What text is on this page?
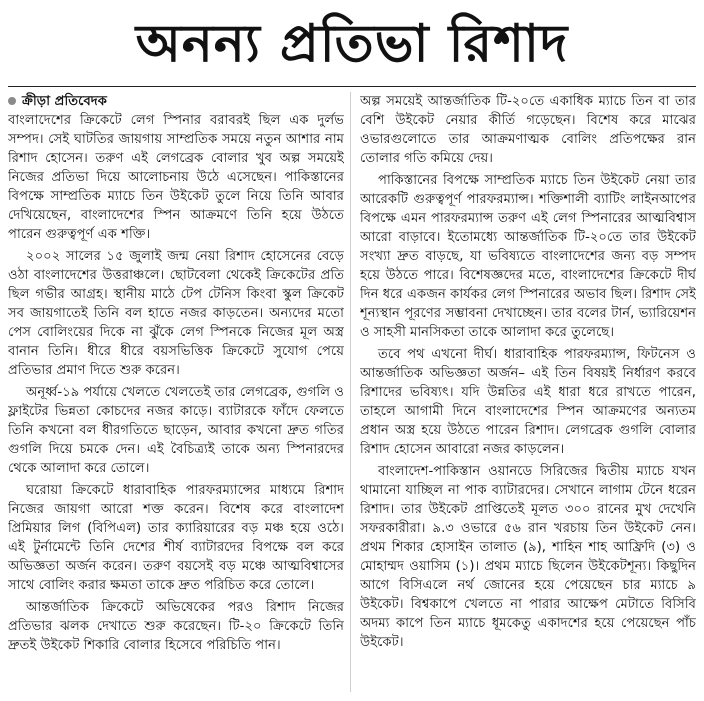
অনন্য প্রতিভা রিশাদ
ক্রীড়া প্রতিবেদক

বাংলাদেশের ক্রিকেটে লেগ স্পিনার বরাবরই ছিল এক দুর্লভ সম্পদ। সেই ঘাটতির জায়গায় সাম্প্রতিক সময়ে নতুন আশার নাম রিশাদ হোসেন। তরুণ এই লেগব্রেক বোলার খুব অল্প সময়েই নিজের প্রতিভা দিয়ে আলোচনায় উঠে এসেছেন। পাকিস্তানের বিপক্ষে সাম্প্রতিক ম্যাচে তিন উইকেট তুলে নিয়ে তিনি আবার দেখিয়েছেন, বাংলাদেশের স্পিন আক্রমণে তিনি হয়ে উঠতে পারেন গুরুত্বপূর্ণ এক শক্তি।

২০০২ সালের ১৫ জুলাই জন্ম নেয়া রিশাদ হোসেনের বেড়ে ওঠা বাংলাদেশের উত্তরাঞ্চলে। ছোটবেলা থেকেই ক্রিকেটের প্রতি ছিল গভীর আগ্রহ। স্থানীয় মাঠে টেপ টেনিস কিংবা স্কুল ক্রিকেট সব জায়গাতেই তিনি বল হাতে নজর কাড়তেন। অন্যদের মতো পেস বোলিংয়ের দিকে না ঝুঁকে লেগ স্পিনকে নিজের মূল অস্ত্র বানান তিনি। ধীরে ধীরে বয়সভিত্তিক ক্রিকেটে সুযোগ পেয়ে প্রতিভার প্রমাণ দিতে শুরু করেন।

অনূর্ধ্ব-১৯ পর্যায়ে খেলতে খেলতেই তার লেগব্রেক, গুগলি ও ফ্লাইটের ভিন্নতা কোচদের নজর কাড়ে। ব্যাটারকে ফাঁদে ফেলতে তিনি কখনো বল ধীরগতিতে ছাড়েন, আবার কখনো দ্রুত গতির গুগলি দিয়ে চমকে দেন। এই বৈচিত্র্যই তাকে অন্য স্পিনারদের থেকে আলাদা করে তোলে।

ঘরোয়া ক্রিকেটে ধারাবাহিক পারফরম্যান্সের মাধ্যমে রিশাদ নিজের জায়গা আরো শক্ত করেন। বিশেষ করে বাংলাদেশ প্রিমিয়ার লিগ (বিপিএল) তার ক্যারিয়ারের বড় মঞ্চ হয়ে ওঠে। এই টুর্নামেন্টে তিনি দেশের শীর্ষ ব্যাটারদের বিপক্ষে বল করে অভিজ্ঞতা অর্জন করেন। তরুণ বয়সেই বড় মঞ্চে আত্মবিশ্বাসের সাথে বোলিং করার ক্ষমতা তাকে দ্রুত পরিচিত করে তোলে।

আন্তর্জাতিক ক্রিকেটে অভিষেকের পরও রিশাদ নিজের প্রতিভার ঝলক দেখাতে শুরু করেছেন। টি-২০ ক্রিকেটে তিনি দ্রুতই উইকেট শিকারি বোলার হিসেবে পরিচিতি পান।

অল্প সময়েই আন্তর্জাতিক টি-২০তে একাধিক ম্যাচে তিন বা তার বেশি উইকেট নেয়ার কীর্তি গড়েছেন। বিশেষ করে মাঝের ওভারগুলোতে তার আক্রমণাত্মক বোলিং প্রতিপক্ষের রান তোলার গতি কমিয়ে দেয়।

পাকিস্তানের বিপক্ষে সাম্প্রতিক ম্যাচে তিন উইকেট নেয়া তার আরেকটি গুরুত্বপূর্ণ পারফরম্যান্স। শক্তিশালী ব্যাটিং লাইনআপের বিপক্ষে এমন পারফরম্যান্স তরুণ এই লেগ স্পিনারের আত্মবিশ্বাস আরো বাড়াবে। ইতোমধ্যে আন্তর্জাতিক টি-২০তে তার উইকেট সংখ্যা দ্রুত বাড়ছে, যা ভবিষ্যতে বাংলাদেশের জন্য বড় সম্পদ হয়ে উঠতে পারে। বিশেষজ্ঞদের মতে, বাংলাদেশের ক্রিকেটে দীর্ঘ দিন ধরে একজন কার্যকর লেগ স্পিনারের অভাব ছিল। রিশাদ সেই শূন্যস্থান পূরণের সম্ভাবনা দেখাচ্ছেন। তার বলের টার্ন, ভ্যারিয়েশন ও সাহসী মানসিকতা তাকে আলাদা করে তুলেছে।

তবে পথ এখনো দীর্ঘ। ধারাবাহিক পারফরম্যান্স, ফিটনেস ও আন্তর্জাতিক অভিজ্ঞতা অর্জন– এই তিন বিষয়ই নির্ধারণ করবে রিশাদের ভবিষ্যৎ। যদি উন্নতির এই ধারা ধরে রাখতে পারেন, তাহলে আগামী দিনে বাংলাদেশের স্পিন আক্রমণের অন্যতম প্রধান অস্ত্র হয়ে উঠতে পারেন রিশাদ। লেগব্রেক গুগলি বোলার রিশাদ হোসেন আবারো নজর কাড়লেন।

বাংলাদেশ-পাকিস্তান ওয়ানডে সিরিজের দ্বিতীয় ম্যাচে যখন থামানো যাচ্ছিল না পাক ব্যাটারদের। সেখানে লাগাম টেনে ধরেন রিশাদ। তার উইকেট প্রাপ্তিতেই মূলত ৩০০ রানের মুখ দেখেনি সফরকারীরা। ৯.৩ ওভারে ৫৬ রান খরচায় তিন উইকেট নেন। প্রথম শিকার হোসাইন তালাত (৯), শাহিন শাহ আফ্রিদি (৩) ও মোহাম্মদ ওয়াসিম (১)। প্রথম ম্যাচে ছিলেন উইকেটশূন্য। কিছুদিন আগে বিসিএলে নর্থ জোনের হয়ে পেয়েছেন চার ম্যাচে ৯ উইকেট। বিশ্বকাপে খেলতে না পারার আক্ষেপ মেটাতে বিসিবি অদম্য কাপে তিন ম্যাচে ধূমকেতু একাদশের হয়ে পেয়েছেন পাঁচ উইকেট।
